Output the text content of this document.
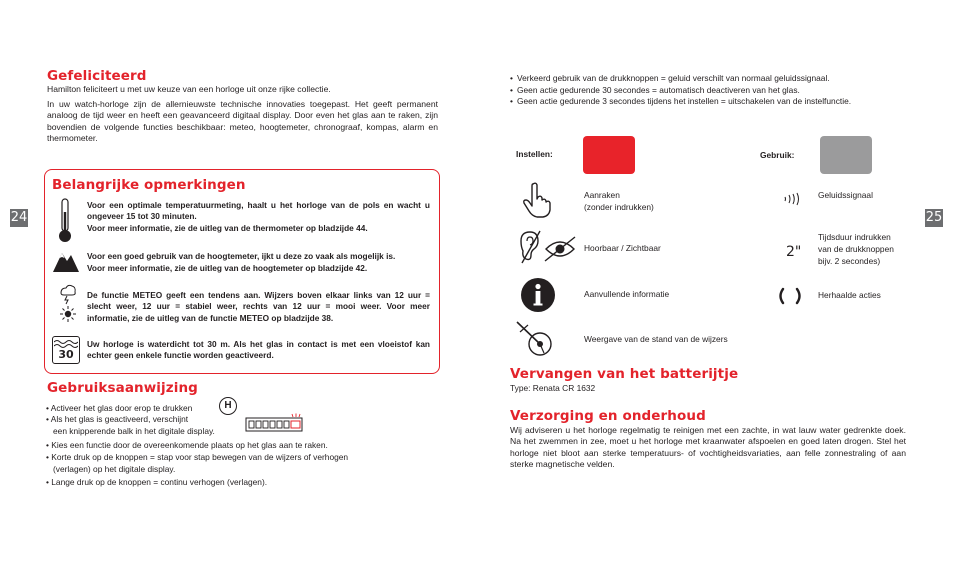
24
Gefeliciteerd
Hamilton feliciteert u met uw keuze van een horloge uit onze rijke collectie.
In uw watch-horloge zijn de allernieuwste technische innovaties toegepast. Het geeft permanent analoog de tijd weer en heeft een geavanceerd digitaal display. Door even het glas aan te raken, zijn bovendien de volgende functies beschikbaar: meteo, hoogtemeter, chronograaf, kompas, alarm en thermometer.
Belangrijke opmerkingen
Voor een optimale temperatuurmeting, haalt u het horloge van de pols en wacht u ongeveer 15 tot 30 minuten.
Voor meer informatie, zie de uitleg van de thermometer op bladzijde 44.
Voor een goed gebruik van de hoogtemeter, ijkt u deze zo vaak als mogelijk is.
Voor meer informatie, zie de uitleg van de hoogtemeter op bladzijde 42.
De functie METEO geeft een tendens aan. Wijzers boven elkaar links van 12 uur = slecht weer, 12 uur = stabiel weer, rechts van 12 uur = mooi weer. Voor meer informatie, zie de uitleg van de functie METEO op bladzijde 38.
30
Uw horloge is waterdicht tot 30 m. Als het glas in contact is met een vloeistof kan echter geen enkele functie worden geactiveerd.
Gebruiksaanwijzing
• Activeer het glas door erop te drukken	H
• Als het glas is geactiveerd, verschijnt
een knipperende balk in het digitale display.
• Kies een functie door de overeenkomende plaats op het glas aan te raken.
• Korte druk op de knoppen = stap voor stap bewegen van de wijzers of verhogen
(verlagen) op het digitale display.
• Lange druk op de knoppen = continu verhogen (verlagen).
25
• Verkeerd gebruik van de drukknoppen = geluid verschilt van normaal geluidssignaal.
• Geen actie gedurende 30 secondes = automatisch deactiveren van het glas.
• Geen actie gedurende 3 secondes tijdens het instellen = uitschakelen van de instelfunctie.
Instellen:	Gebruik:
Aanraken
(zonder indrukken)
Hoorbaar / Zichtbaar
Aanvullende informatie
Weergave van de stand van de wijzers
Geluidssignaal
2"
Tijdsduur indrukken
van de drukknoppen
bijv. 2 secondes)
Herhaalde acties
Vervangen van het batterijtje
Type: Renata CR 1632
Verzorging en onderhoud
Wij adviseren u het horloge regelmatig te reinigen met een zachte, in wat lauw water gedrenkte doek. Na het zwemmen in zee, moet u het horloge met kraanwater afspoelen en goed laten drogen. Stel het horloge niet bloot aan sterke temperatuurs- of vochtigheidsvariaties, aan felle zonnestraling of aan sterke magnetische velden.
